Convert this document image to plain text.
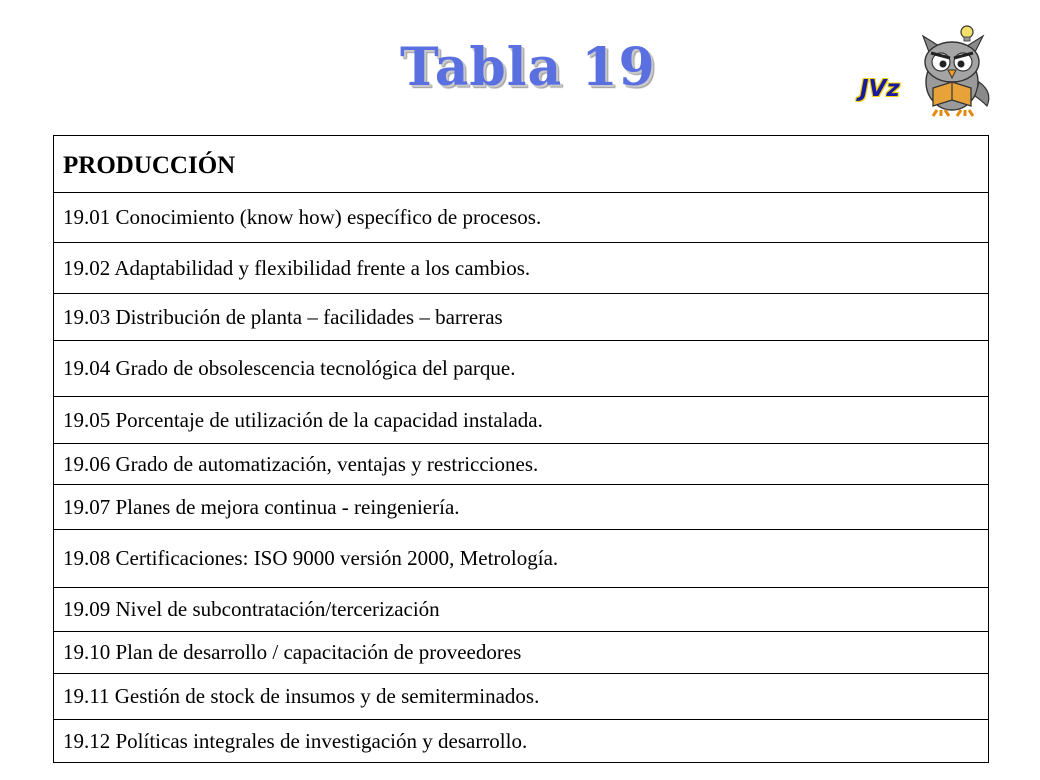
Tabla 19	JVz
PRODUCCIÓN
19.01 Conocimiento (know how) específico de procesos.
19.02 Adaptabilidad y flexibilidad frente a los cambios.
19.03 Distribución de planta – facilidades – barreras
19.04 Grado de obsolescencia tecnológica del parque.
19.05 Porcentaje de utilización de la capacidad instalada.
19.06 Grado de automatización, ventajas y restricciones.
19.07 Planes de mejora continua - reingeniería.
19.08 Certificaciones: ISO 9000 versión 2000, Metrología.
19.09 Nivel de subcontratación/tercerización
19.10 Plan de desarrollo / capacitación de proveedores
19.11 Gestión de stock de insumos y de semiterminados.
19.12 Políticas integrales de investigación y desarrollo.
